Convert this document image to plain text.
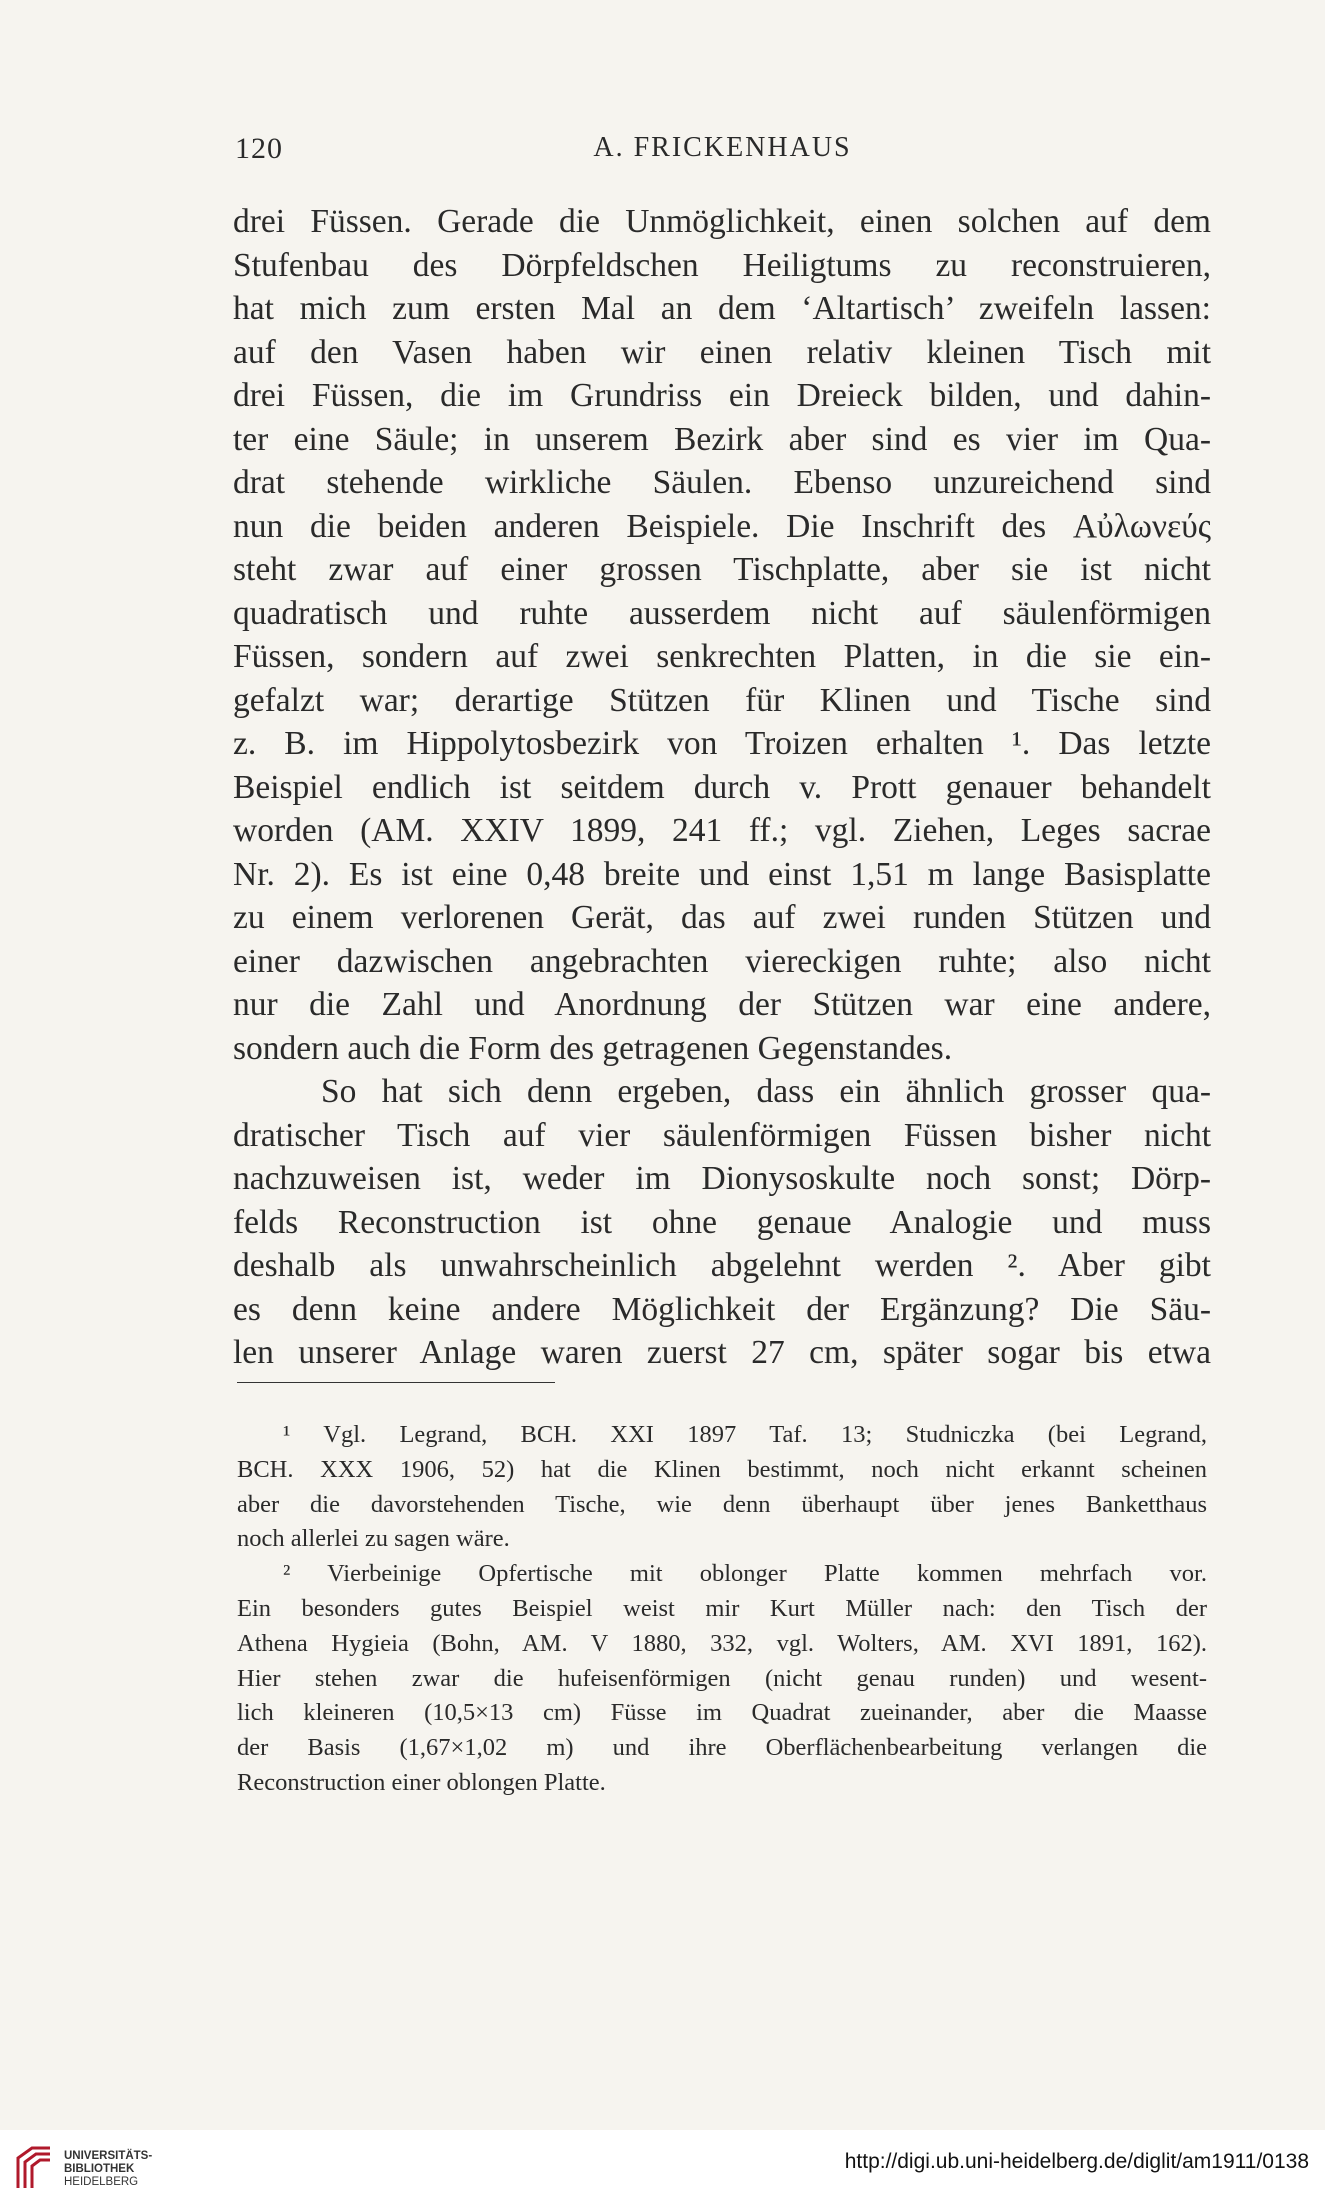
120	A. FRICKENHAUS
drei Füssen. Gerade die Unmöglichkeit, einen solchen auf dem
Stufenbau des Dörpfeldschen Heiligtums zu reconstruieren,
hat mich zum ersten Mal an dem ‘Altartisch’ zweifeln lassen:
auf den Vasen haben wir einen relativ kleinen Tisch mit
drei Füssen, die im Grundriss ein Dreieck bilden, und dahin-
ter eine Säule; in unserem Bezirk aber sind es vier im Qua-
drat stehende wirkliche Säulen. Ebenso unzureichend sind
nun die beiden anderen Beispiele. Die Inschrift des Αὐλωνεύς
steht zwar auf einer grossen Tischplatte, aber sie ist nicht
quadratisch und ruhte ausserdem nicht auf säulenförmigen
Füssen, sondern auf zwei senkrechten Platten, in die sie ein-
gefalzt war; derartige Stützen für Klinen und Tische sind
z. B. im Hippolytosbezirk von Troizen erhalten ¹. Das letzte
Beispiel endlich ist seitdem durch v. Prott genauer behandelt
worden (AM. XXIV 1899, 241 ff.; vgl. Ziehen, Leges sacrae
Nr. 2). Es ist eine 0,48 breite und einst 1,51 m lange Basisplatte
zu einem verlorenen Gerät, das auf zwei runden Stützen und
einer dazwischen angebrachten viereckigen ruhte; also nicht
nur die Zahl und Anordnung der Stützen war eine andere,
sondern auch die Form des getragenen Gegenstandes.
So hat sich denn ergeben, dass ein ähnlich grosser qua-
dratischer Tisch auf vier säulenförmigen Füssen bisher nicht
nachzuweisen ist, weder im Dionysoskulte noch sonst; Dörp-
felds Reconstruction ist ohne genaue Analogie und muss
deshalb als unwahrscheinlich abgelehnt werden ². Aber gibt
es denn keine andere Möglichkeit der Ergänzung? Die Säu-
len unserer Anlage waren zuerst 27 cm, später sogar bis etwa
¹ Vgl. Legrand, BCH. XXI 1897 Taf. 13; Studniczka (bei Legrand,
BCH. XXX 1906, 52) hat die Klinen bestimmt, noch nicht erkannt scheinen
aber die davorstehenden Tische, wie denn überhaupt über jenes Banketthaus
noch allerlei zu sagen wäre.
² Vierbeinige Opfertische mit oblonger Platte kommen mehrfach vor.
Ein besonders gutes Beispiel weist mir Kurt Müller nach: den Tisch der
Athena Hygieia (Bohn, AM. V 1880, 332, vgl. Wolters, AM. XVI 1891, 162).
Hier stehen zwar die hufeisenförmigen (nicht genau runden) und wesent-
lich kleineren (10,5×13 cm) Füsse im Quadrat zueinander, aber die Maasse
der Basis (1,67×1,02 m) und ihre Oberflächenbearbeitung verlangen die
Reconstruction einer oblongen Platte.
UNIVERSITÄTS-
BIBLIOTHEK
HEIDELBERG
http://digi.ub.uni-heidelberg.de/diglit/am1911/0138
